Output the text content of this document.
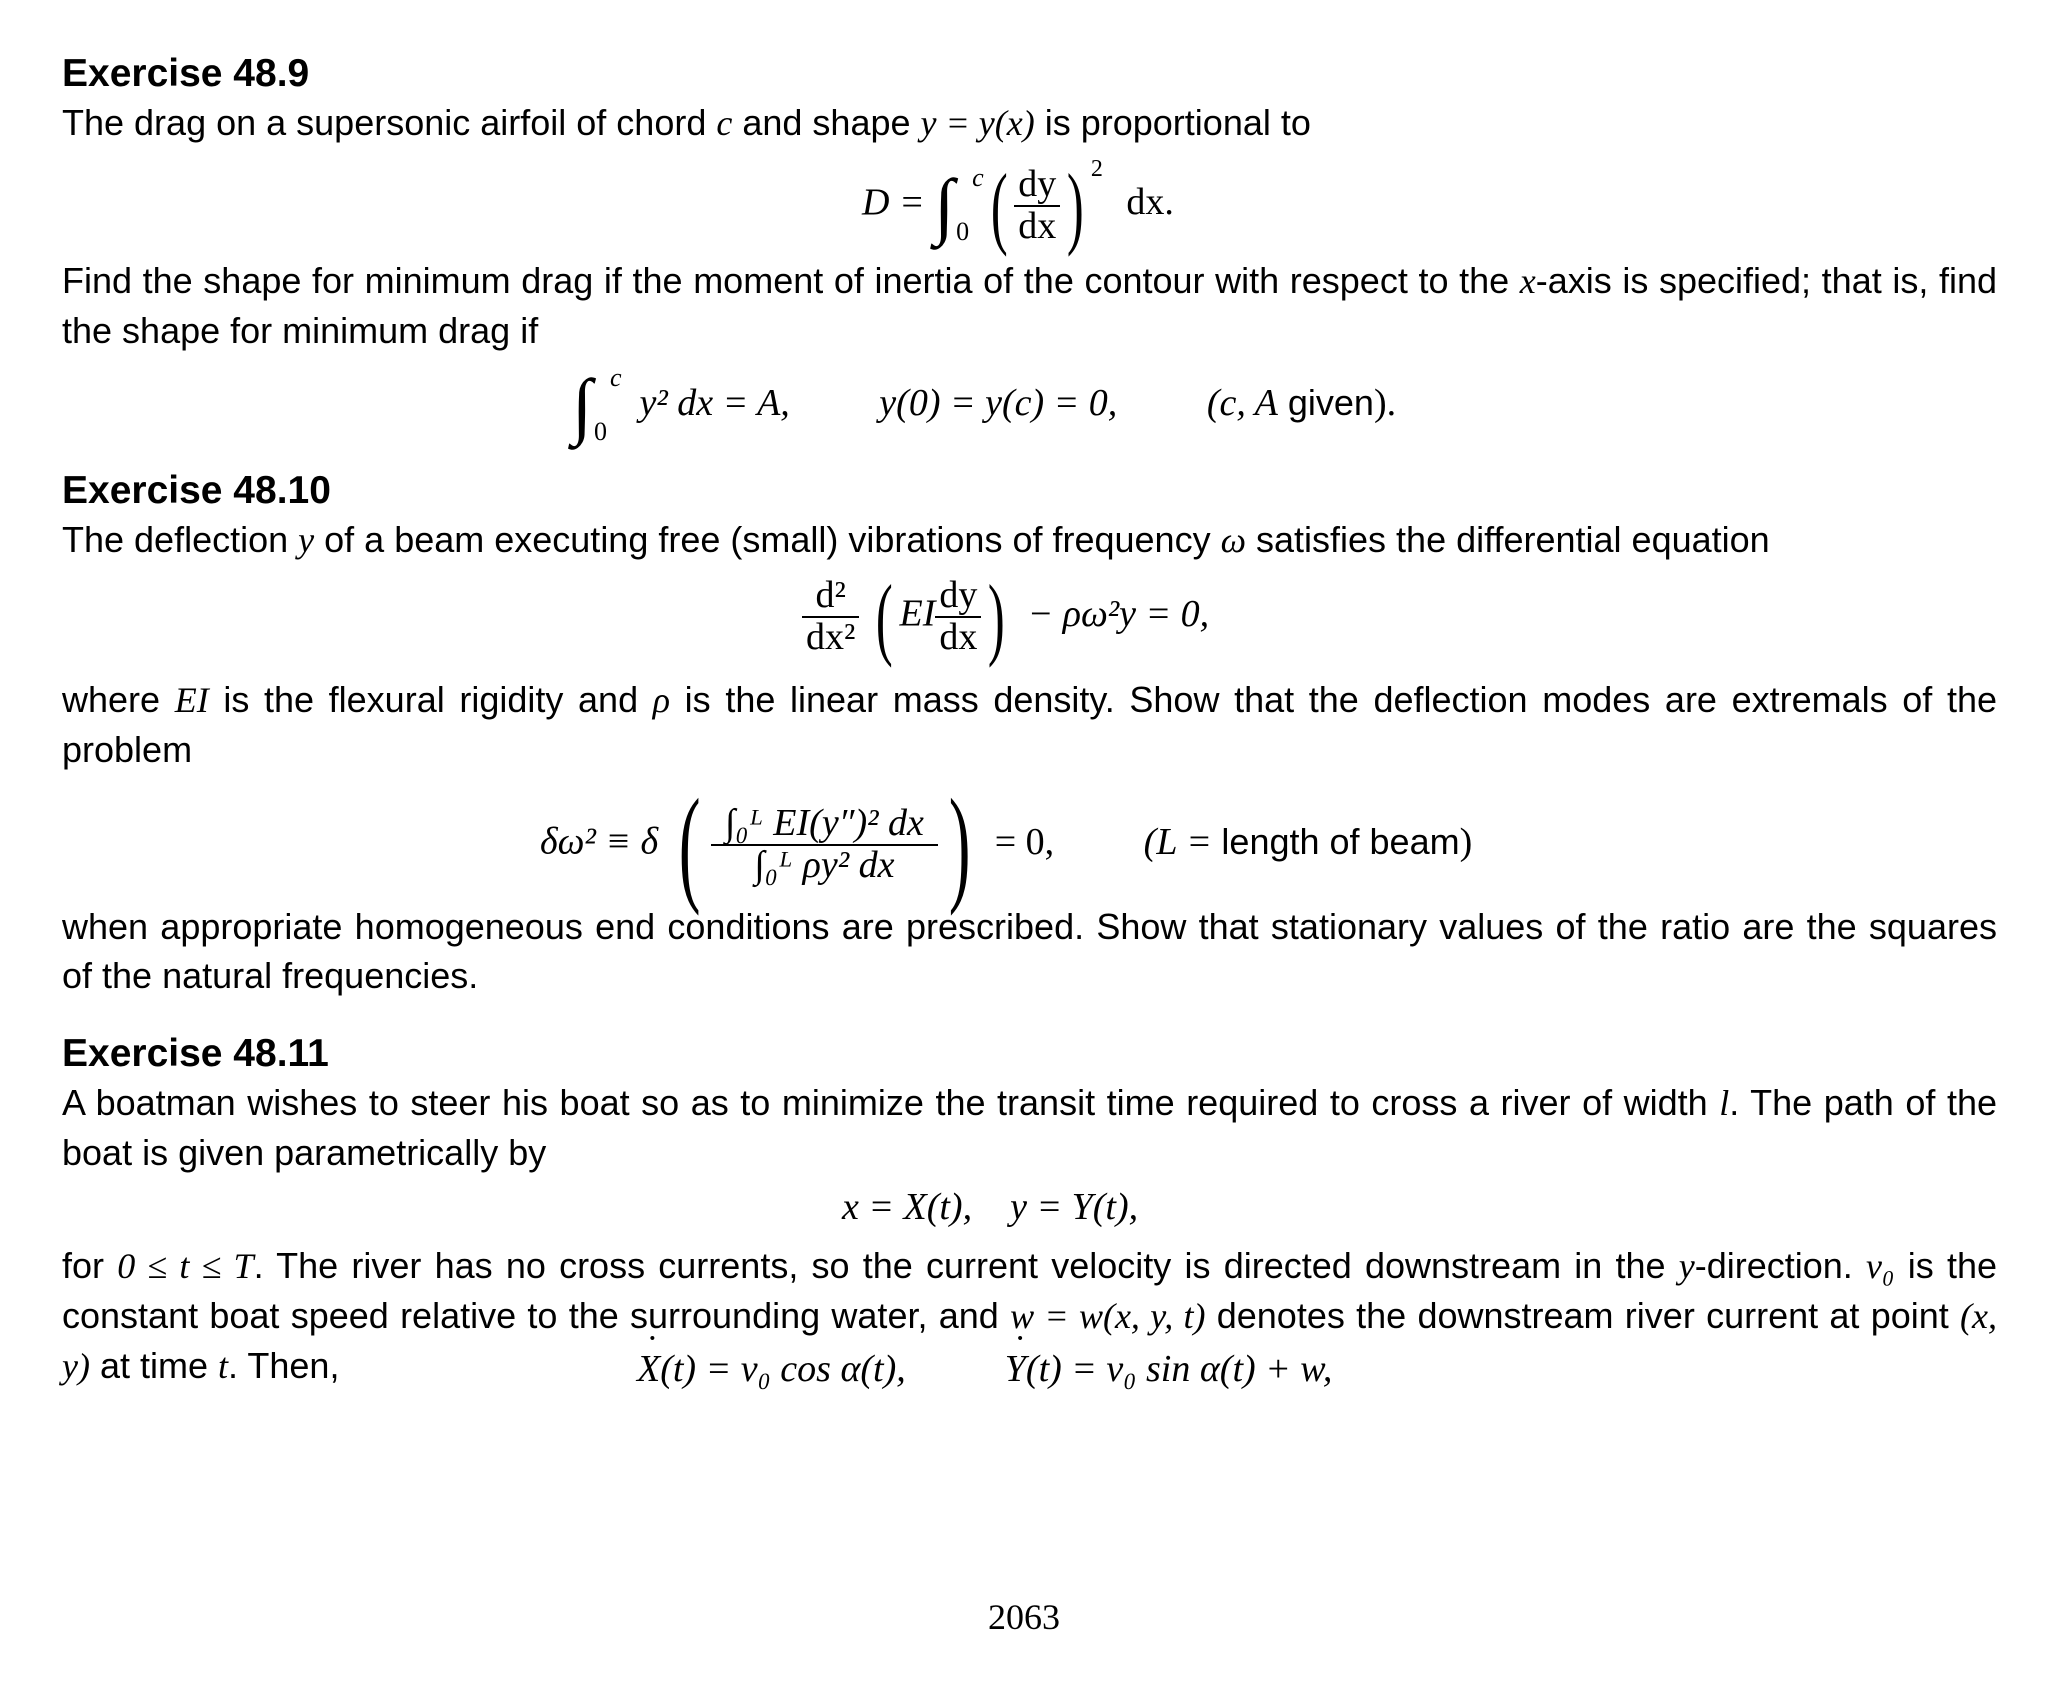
Exercise 48.9

The drag on a supersonic airfoil of chord c and shape y = y(x) is proportional to

D = ∫ c
0 ( $\frac{dy}{dx}$ ) $^2$ dx.

Find the shape for minimum drag if the moment of inertia of the contour with respect to the x-axis is specified; that is, find the shape for minimum drag if

∫ c
0
y² dx = A, y(0) = y(c) = 0, (c, A given).

Exercise 48.10

The deflection y of a beam executing free (small) vibrations of frequency ω satisfies the differential equation

$\frac{\text{d²}}{\text{dx²}}$ ( EI $\frac{dy}{dx}$ ) − ρω²y = 0,

where EI is the flexural rigidity and ρ is the linear mass density. Show that the deflection modes are extremals of the problem

δω² ≡ δ ( $\frac{\text{∫₀ᴸ EI(y″)² dx}}{\text{∫₀ᴸ ρy² dx}}$ ) = 0, (L = length of beam)

when appropriate homogeneous end conditions are prescribed. Show that stationary values of the ratio are the squares of the natural frequencies.

Exercise 48.11

A boatman wishes to steer his boat so as to minimize the transit time required to cross a river of width l. The path of the boat is given parametrically by

x = X(t),    y = Y(t),

for 0 ≤ t ≤ T. The river has no cross currents, so the current velocity is directed downstream in the y-direction. v₀ is the constant boat speed relative to the surrounding water, and w = w(x, y, t) denotes the downstream river current at point (x, y) at time t. Then,	˙ X(t) = v₀ cos α(t),	˙ Y(t) = v₀ sin α(t) + w,
2063
